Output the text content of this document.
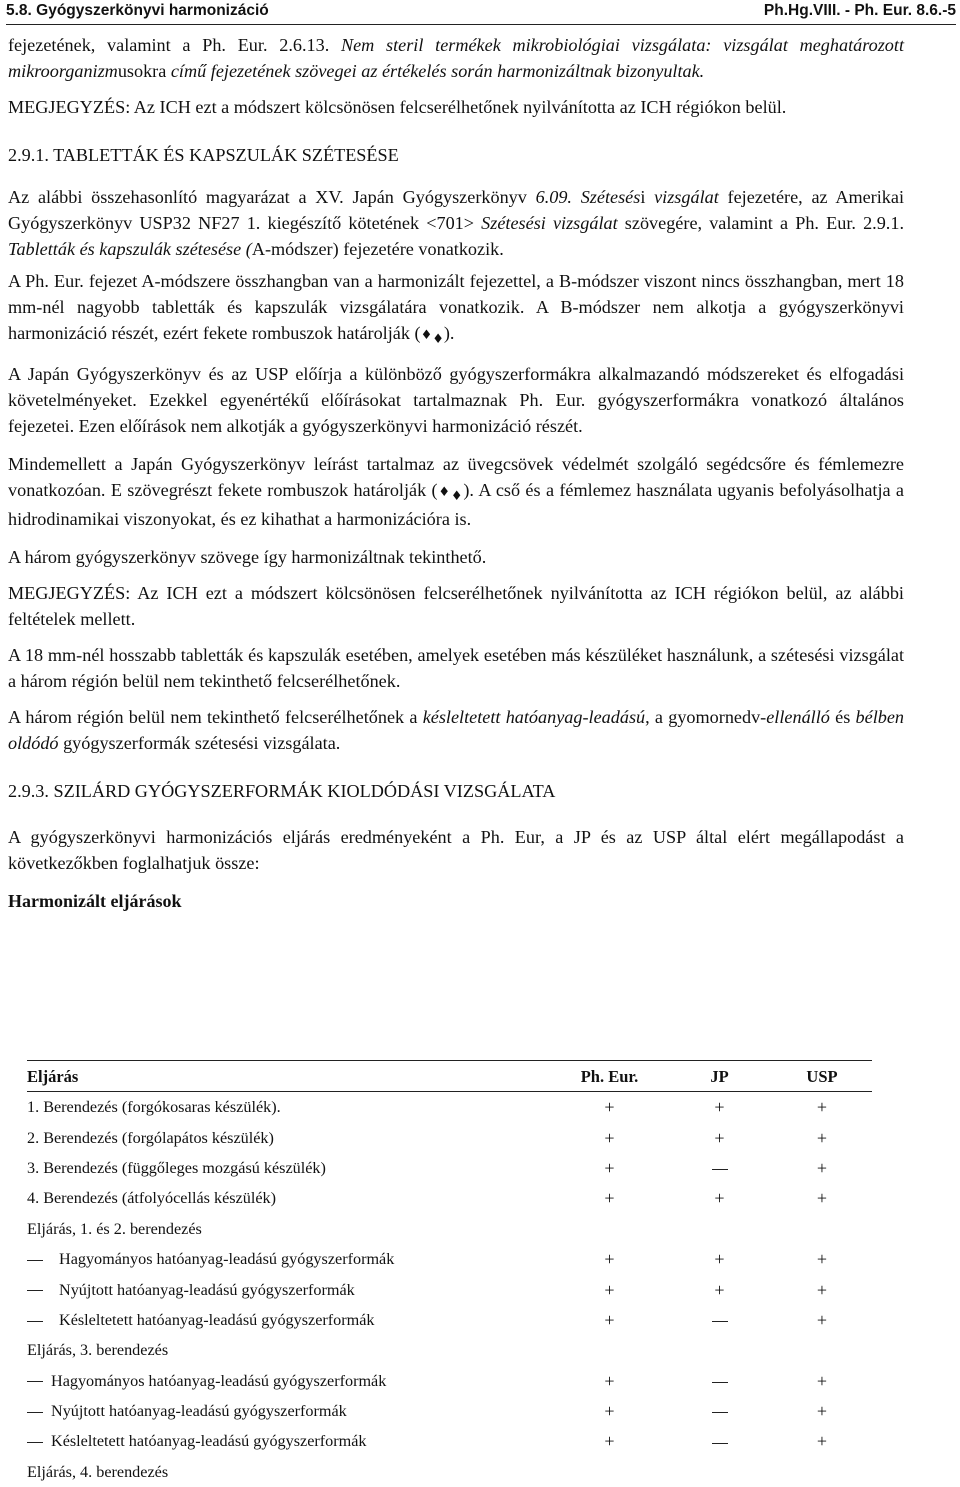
5.8. Gyógyszerkönyvi harmonizáció	Ph.Hg.VIII. - Ph. Eur. 8.6.-5

fejezetének, valamint a Ph. Eur. 2.6.13. Nem steril termékek mikrobiológiai vizsgálata: vizsgálat meghatározott mikroorganizmusokra című fejezetének szövegei az értékelés során harmonizáltnak bizonyultak.

MEGJEGYZÉS: Az ICH ezt a módszert kölcsönösen felcserélhetőnek nyilvánította az ICH régiókon belül.

2.9.1. TABLETTÁK ÉS KAPSZULÁK SZÉTESÉSE

Az alábbi összehasonlító magyarázat a XV. Japán Gyógyszerkönyv 6.09. Szétesési vizsgálat fejezetére, az Amerikai Gyógyszerkönyv USP32 NF27 1. kiegészítő kötetének <701> Szétesési vizsgálat szövegére, valamint a Ph. Eur. 2.9.1. Tabletták és kapszulák szétesése (A-módszer) fejezetére vonatkozik.

A Ph. Eur. fejezet A-módszere összhangban van a harmonizált fejezettel, a B-módszer viszont nincs összhangban, mert 18 mm-nél nagyobb tabletták és kapszulák vizsgálatára vonatkozik. A B-módszer nem alkotja a gyógyszerkönyvi harmonizáció részét, ezért fekete rombuszok határolják $(♦_♦)$.

A Japán Gyógyszerkönyv és az USP előírja a különböző gyógyszerformákra alkalmazandó módszereket és elfogadási követelményeket. Ezekkel egyenértékű előírásokat tartalmaznak Ph. Eur. gyógyszerformákra vonatkozó általános fejezetei. Ezen előírások nem alkotják a gyógyszerkönyvi harmonizáció részét.

Mindemellett a Japán Gyógyszerkönyv leírást tartalmaz az üvegcsövek védelmét szolgáló segédcsőre és fémlemezre vonatkozóan. E szövegrészt fekete rombuszok határolják $(♦_♦)$. A cső és a fémlemez használata ugyanis befolyásolhatja a hidrodinamikai viszonyokat, és ez kihathat a harmonizációra is.

A három gyógyszerkönyv szövege így harmonizáltnak tekinthető.

MEGJEGYZÉS: Az ICH ezt a módszert kölcsönösen felcserélhetőnek nyilvánította az ICH régiókon belül, az alábbi feltételek mellett.

A 18 mm-nél hosszabb tabletták és kapszulák esetében, amelyek esetében más készüléket használunk, a szétesési vizsgálat a három régión belül nem tekinthető felcserélhetőnek.

A három régión belül nem tekinthető felcserélhetőnek a késleltetett hatóanyag-leadású, a gyomornedv-ellenálló és bélben oldódó gyógyszerformák szétesési vizsgálata.

2.9.3. SZILÁRD GYÓGYSZERFORMÁK KIOLDÓDÁSI VIZSGÁLATA

A gyógyszerkönyvi harmonizációs eljárás eredményeként a Ph. Eur, a JP és az USP által elért megállapodást a következőkben foglalhatjuk össze:

Harmonizált eljárások

Eljárás	Ph. Eur.	JP	USP
1. Berendezés (forgókosaras készülék).	+	+	+
2. Berendezés (forgólapátos készülék)	+	+	+
3. Berendezés (függőleges mozgású készülék)	+		+
4. Berendezés (átfolyócellás készülék)	+	+	+
Eljárás, 1. és 2. berendezés			
Hagyományos hatóanyag-leadású gyógyszerformák	+	+	+
Nyújtott hatóanyag-leadású gyógyszerformák	+	+	+
Késleltetett hatóanyag-leadású gyógyszerformák	+		+
Eljárás, 3. berendezés			
Hagyományos hatóanyag-leadású gyógyszerformák	+		+
Nyújtott hatóanyag-leadású gyógyszerformák	+		+
Késleltetett hatóanyag-leadású gyógyszerformák	+		+
Eljárás, 4. berendezés			
